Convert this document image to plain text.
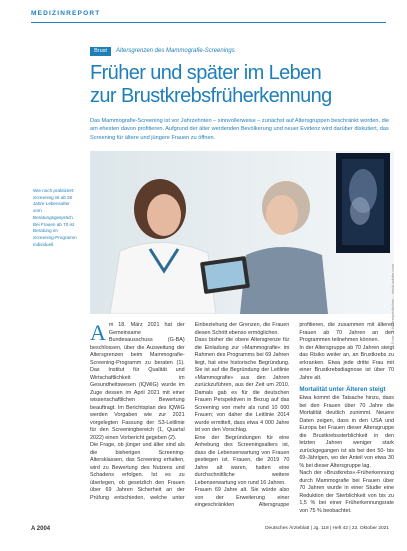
MEDIZINREPORT
Brust	Altersgrenzen des Mammografie-Screenings
Früher und später im Leben
zur Brustkrebsfrüherkennung

Das Mammografie-Screening ist vor Jahrzehnten – sinnvollerweise – zunächst auf Altersgruppen beschränkt worden, die am ehesten davon profitieren. Aufgrund der älter werdenden Bevölkerung und neuer Evidenz wird darüber diskutiert, das Screening für ältere und jüngere Frauen zu öffnen.

Foto: ©bilderstoeckchen – stock.adobe.com

Wie noch praktiziert: Screening ist ab 50 Jahre Lebensalter vom Beratungsgespräch. Bei Frauen ab 70 ist Beratung im Screening-Programm individuell.

Am 18. März 2021 hat der Gemeinsame Bundesausschuss (G-BA) beschlossen, über die Ausweitung der Altersgrenzen beim Mammografie-Screening-Programm zu beraten (1). Das Institut für Qualität und Wirtschaftlichkeit im Gesundheitswesen (IQWiG) wurde im Zuge dessen im April 2021 mit einer wissenschaftlichen Bewertung beauftragt. Im Berichtsplan des IQWiG werden Vorgaben wie zur 2021 vorgelegten Fassung der S3-Leitlinie für den Screeningbereich (1, Quartal 2022) einen Vorbericht gegeben (2).

Die Frage, ob jünger und älter sind als die bisherigen Screening-Altersklassen, das Screening erhalten, wird zu Bewertung des Nutzens und Schadens erfolgen. Ist es zu überlegen, ob gesetzlich den Frauen über 69 Jahren Sicherheit an der Prüfung entschieden, welche unter Einbeziehung der Grenzen, die Frauen diesen Schritt ebenso ermöglichen.

Dass bisher die obere Altersgrenze für die Einladung zur »Mammografie« im Rahmen des Programms bei 69 Jahren liegt, hat eine historische Begründung. Sie ist auf die Begründung der Leitlinie »Mammografie« aus den Jahren zurückzuführen, aus der Zeit um 2010. Damals gab es für die deutschen Frauen Perspektiven in Bezug auf das Screening von mehr als rund 10 000 Frauen; von daher die Leitlinie 2014 wurde ermittelt, dass etwa 4 000 Jahre ist von den Vorschlag.

Eine der Begründungen für eine Anhebung des Screeningsalters ist, dass die Lebenserwartung von Frauen gestiegen ist. Frauen, die 2019 70 Jahre alt waren, hatten eine durchschnittliche weitere Lebenserwartung von rund 16 Jahren.

Frauen 69 Jahre alt. Sie würde also von der Erweiterung einer eingeschränkten Altersgruppe profitieren, die zusammen mit älteren Frauen ab 70 Jahren an den Programmen teilnehmen können.

In der Altersgruppe ab 70 Jahren steigt das Risiko weiter an, an Brustkrebs zu erkranken. Etwa jede dritte Frau mit einer Brustkrebsdiagnose ist über 70 Jahre alt.

Mortalität unter Älteren steigt

Etwa kommt die Tatsache hinzu, dass bei den Frauen über 70 Jahre die Mortalität deutlich zunimmt. Neuere Daten zeigen, dass in den USA und Europa bei Frauen dieser Altersgruppe die Brustkrebssterblichkeit in den letzten Jahren weniger stark zurückgegangen ist als bei den 50- bis 69-Jährigen, wo der Anteil von etwa 30 % bei dieser Altersgruppe lag.

Nach der »Brustkrebs«-Früherkennung durch Mammografie bei Frauen über 70 Jahren wurde in einer Studie eine Reduktion der Sterblichkeit von bis zu 1,5 % bei einer Früherkennungsrate von 75 % beobachtet.

A 2004	Deutsches Ärzteblatt | Jg. 118 | Heft 42 | 22. Oktober 2021
